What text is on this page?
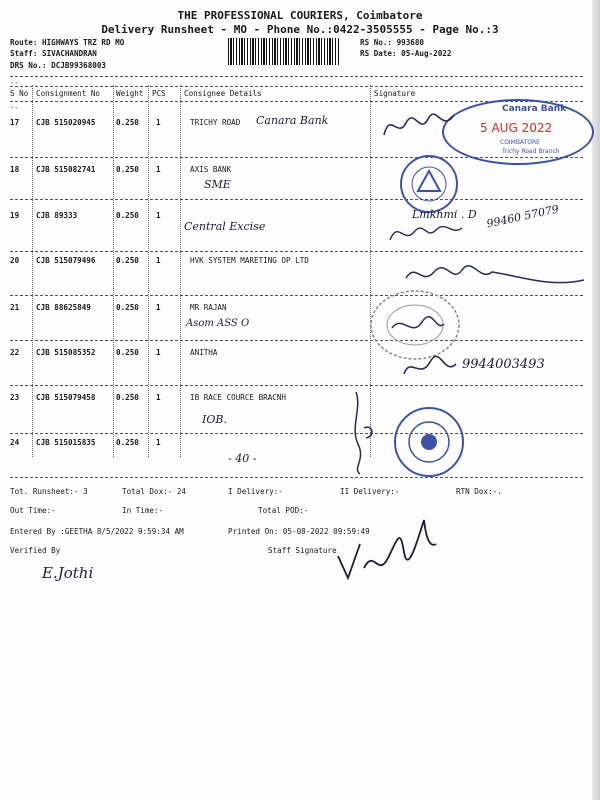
THE PROFESSIONAL COURIERS, Coimbatore
Delivery Runsheet - MO - Phone No.:0422-3505555 - Page No.:3
Route: HIGHWAYS TRZ RD MO
Staff: SIVACHANDRAN
DRS No.: DCJB99368003
RS No.: 993680
RS Date: 05-Aug-2022
--
--
S No Consignment No Weight PCS Consignee Details	Signature
17 CJB 515020945	0.250 1	TRICHY ROAD Canara Bank
18 CJB 515082741	0.250 1	AXIS BANK
SME
19 CJB 89333	0.250 1
Central Excise
20 CJB 515079496	0.250 1	HVK SYSTEM MARETING OP LTD
21 CJB 88625849	0.250 1	MR RAJAN
Asom ASS O
22 CJB 515085352	0.250 1	ANITHA
23 CJB 515079458	0.250 1	IB RACE COURCE BRACNH
IOB.
24 CJB 515015835	0.250 1
- 40 -
Canara Bank
5 AUG 2022
COIMBATORE
Trichy Road Branch
Lmkhmi . D 99460 57079
9944003493
Tot. Runsheet:- 3	Total Dox:- 24	I Delivery:-	II Delivery:-	RTN Dox:-.
Out Time:-	In Time:-	Total POD:-
Entered By :GEETHA 8/5/2022 9:59:34 AM	Printed On: 05-08-2022 09:59:49
Verified By	Staff Signature
E.Jothi
